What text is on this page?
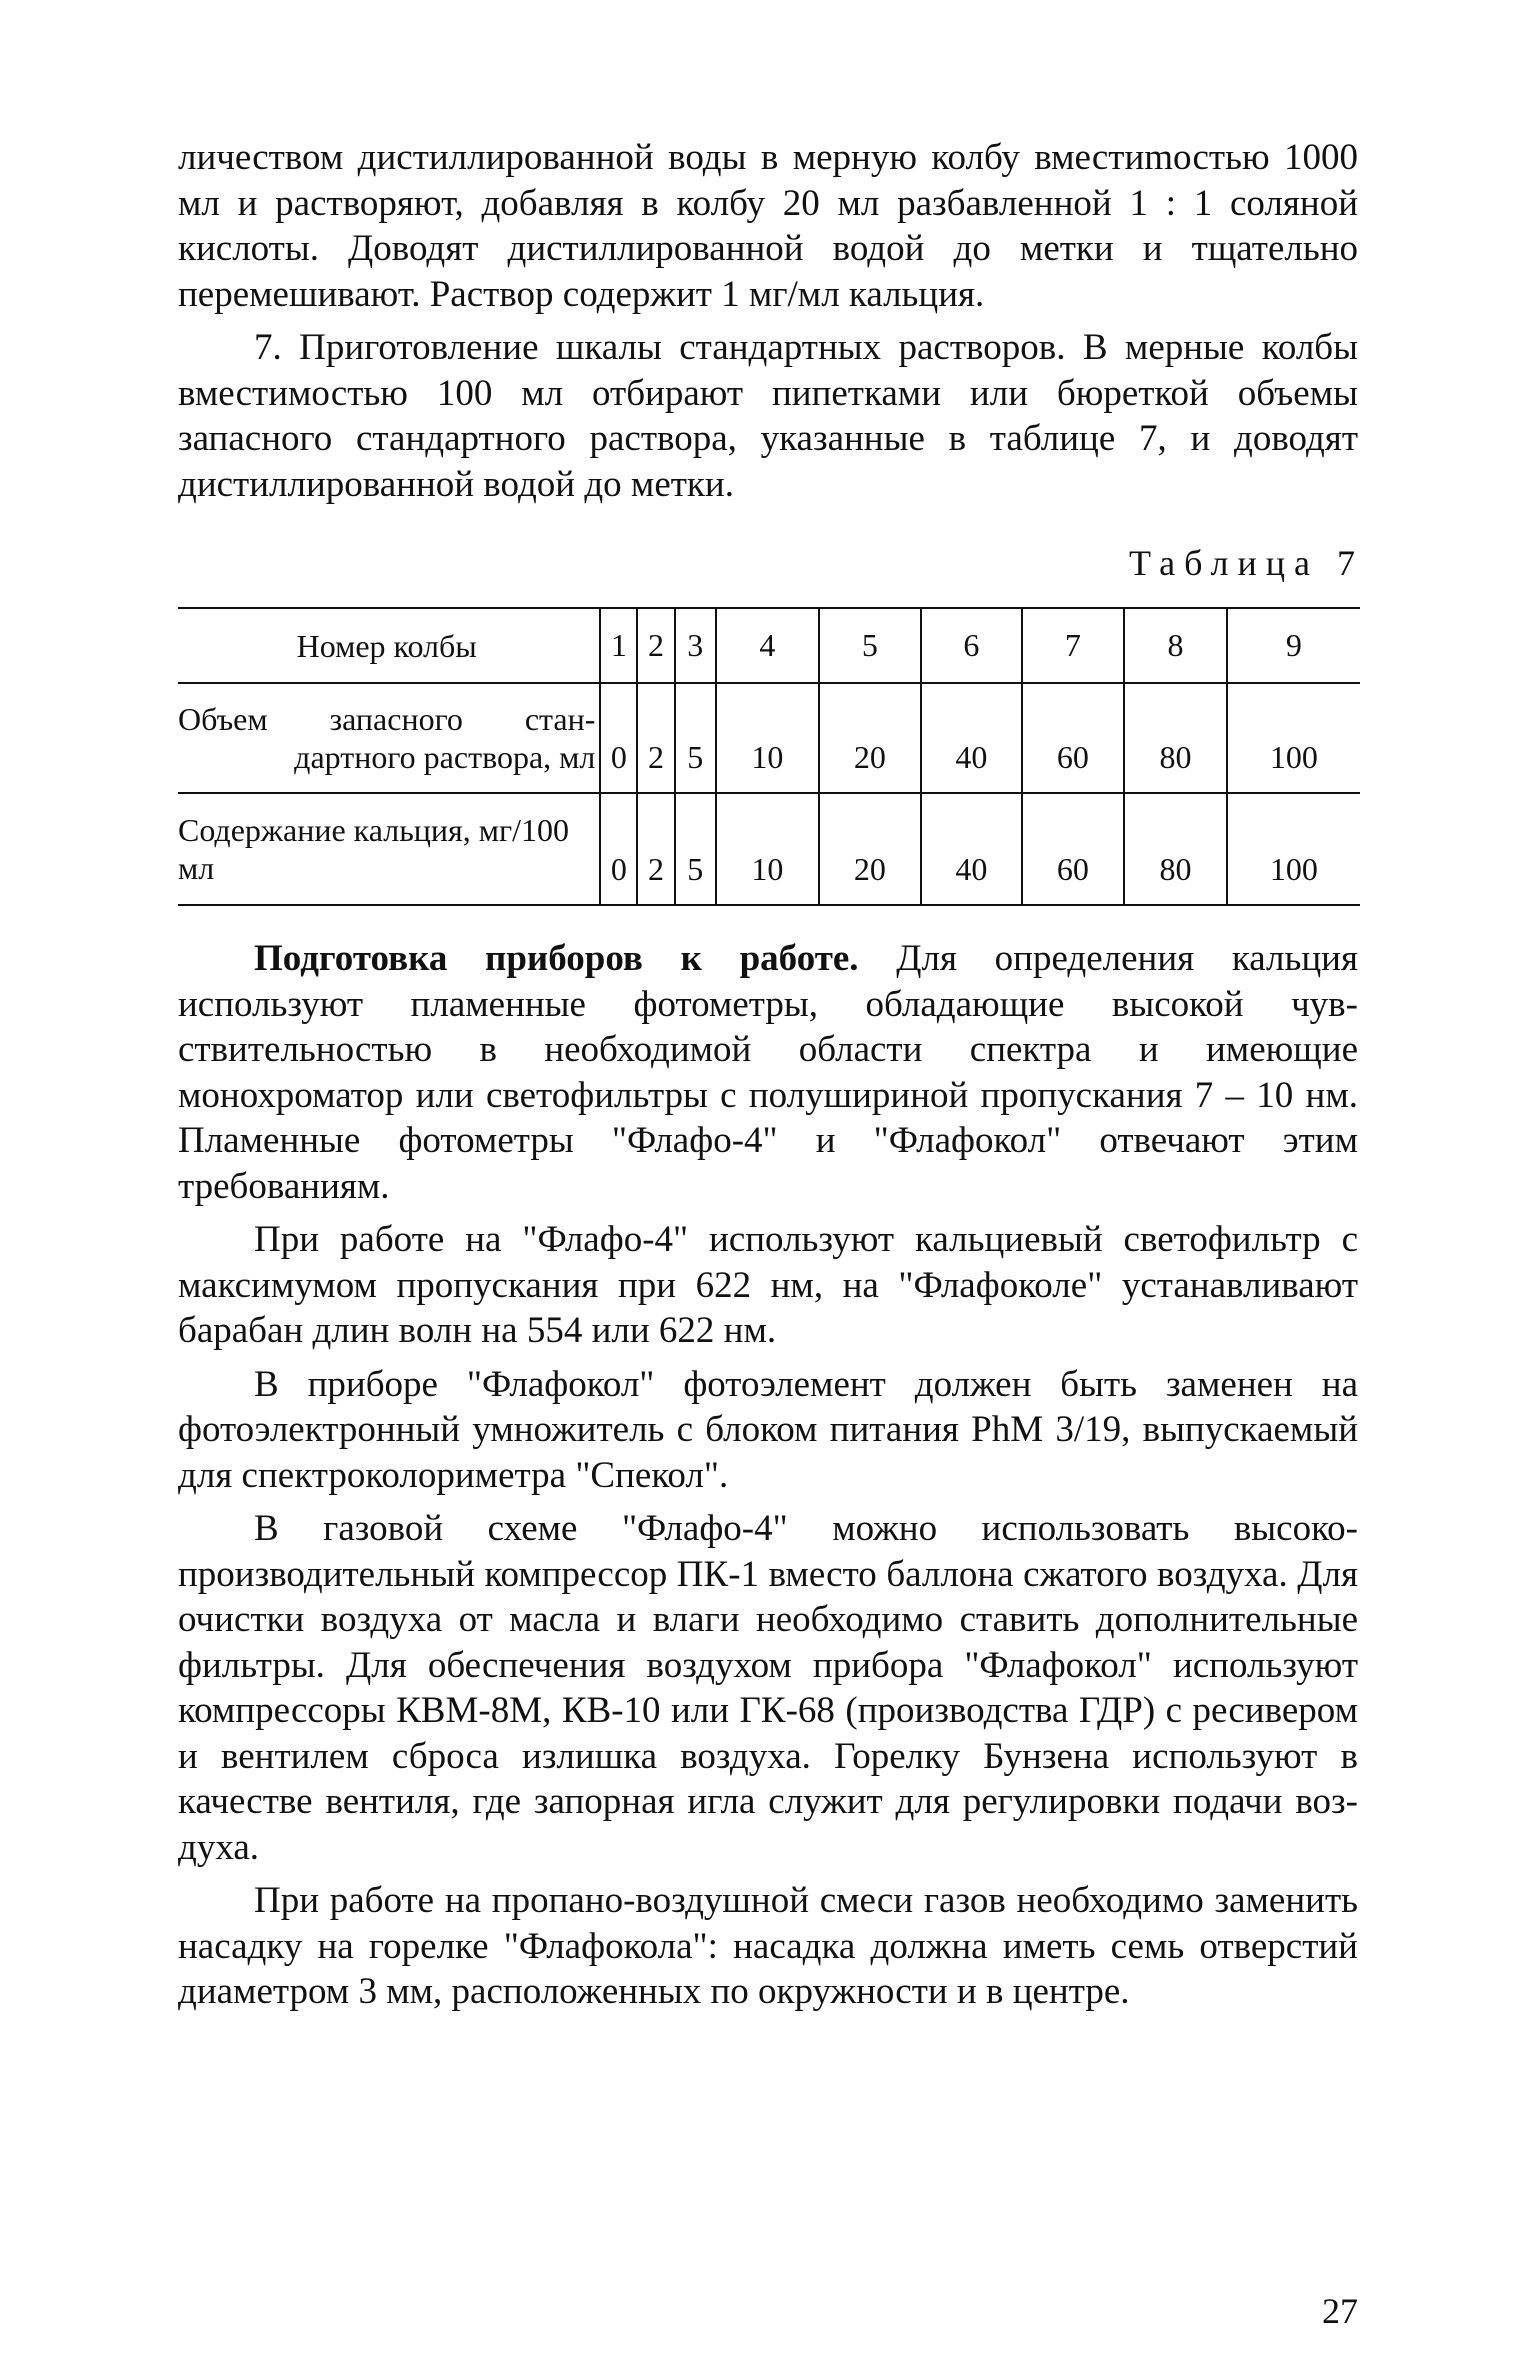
личеством дистиллированной воды в мерную колбу вместиmостью 1000 мл и растворяют, добавляя в колбу 20 мл разбавленной 1 : 1 соляной кислоты. Доводят дистиллированной водой до метки и тщательно перемешивают. Раствор содержит 1 мг/мл кальция.

7. Приготовление шкалы стандартных растворов. В мерные колбы вместимостью 100 мл отбирают пипетками или бюреткой объемы запасного стандартного раствора, указанные в таблице 7, и доводят дистиллированной водой до метки.

Таблица 7
Номер колбы	1	2	3	4	5	6	7	8	9

Объем запасного стандартного раствора, мл	0	2	5	10	20	40	60	80	100

Содержание кальция, мг/100 мл	0	2	5	10	20	40	60	80	100

Подготовка приборов к работе. Для определения кальция используют пламенные фотометры, обладающие высокой чувствительностью в необходимой области спектра и имеющие монохроматор или светофильтры с полушириной пропускания 7 – 10 нм. Пламенные фотометры "Флафо-4" и "Флафокол" отвечают этим требованиям.

При работе на "Флафо-4" используют кальциевый светофильтр с максимумом пропускания при 622 нм, на "Флафоколе" устанавливают барабан длин волн на 554 или 622 нм.

В приборе "Флафокол" фотоэлемент должен быть заменен на фотоэлектронный умножитель с блоком питания PhM 3/19, выпускаемый для спектроколориметра "Спекол".

В газовой схеме "Флафо-4" можно использовать высокопроизводительный компрессор ПК-1 вместо баллона сжатого воздуха. Для очистки воздуха от масла и влаги необходимо ставить дополнительные фильтры. Для обеспечения воздухом прибора "Флафокол" используют компрессоры КВМ-8М, КВ-10 или ГК-68 (производства ГДР) с ресивером и вентилем сброса излишка воздуха. Горелку Бунзена используют в качестве вентиля, где запорная игла служит для регулировки подачи воздуха.

При работе на пропано-воздушной смеси газов необходимо заменить насадку на горелке "Флафокола": насадка должна иметь семь отверстий диаметром 3 мм, расположенных по окружности и в центре.

27
